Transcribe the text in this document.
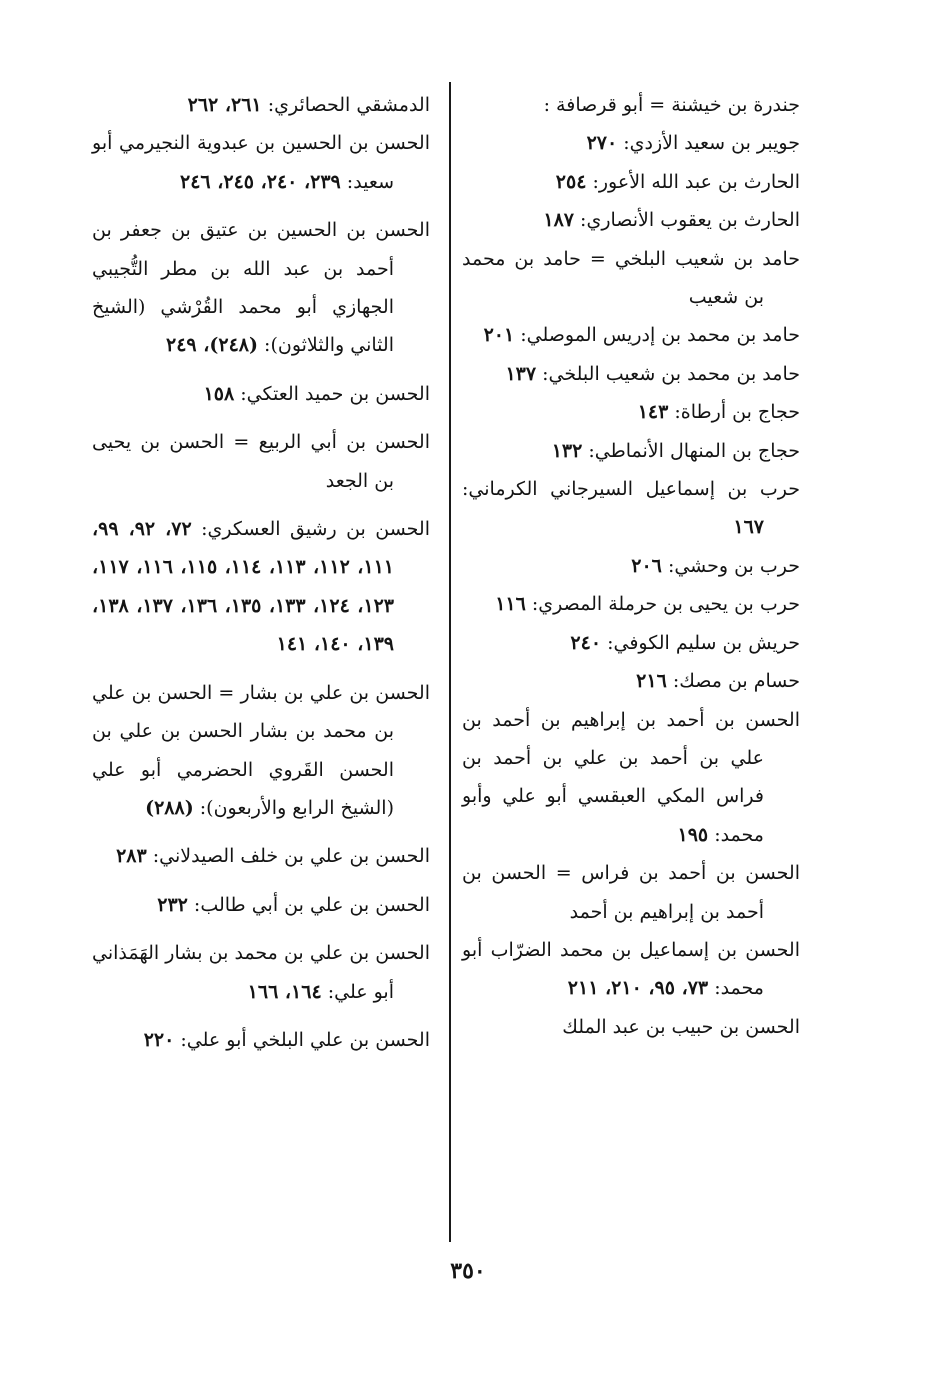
جندرة بن خيشنة = أبو قرصافة :

جويبر بن سعيد الأزدي: ٢٧٠

الحارث بن عبد الله الأعور: ٢٥٤

الحارث بن يعقوب الأنصاري: ١٨٧

حامد بن شعيب البلخي = حامد بن محمد بن شعيب

حامد بن محمد بن إدريس الموصلي: ٢٠١

حامد بن محمد بن شعيب البلخي: ١٣٧

حجاج بن أرطاة: ١٤٣

حجاج بن المنهال الأنماطي: ١٣٢

حرب بن إسماعيل السيرجاني الكرماني: ١٦٧

حرب بن وحشي: ٢٠٦

حرب بن يحيى بن حرملة المصري: ١١٦

حريش بن سليم الكوفي: ٢٤٠

حسام بن مصك: ٢١٦

الحسن بن أحمد بن إبراهيم بن أحمد بن علي بن أحمد بن علي بن أحمد بن فراس المكي العبقسي أبو علي وأبو محمد: ١٩٥

الحسن بن أحمد بن فراس = الحسن بن أحمد بن إبراهيم بن أحمد

الحسن بن إسماعيل بن محمد الضرّاب أبو محمد: ٧٣، ٩٥، ٢١٠، ٢١١

الحسن بن حبيب بن عبد الملك

الدمشقي الحصائري: ٢٦١، ٢٦٢

الحسن بن الحسين بن عبدوية النجيرمي أبو سعيد: ٢٣٩، ٢٤٠، ٢٤٥، ٢٤٦

الحسن بن الحسين بن عتيق بن جعفر بن أحمد بن عبد الله بن مطر التُّجيبي الجهازي أبو محمد القُرْشي (الشيخ الثاني والثلاثون): (٢٤٨)، ٢٤٩

الحسن بن حميد العتكي: ١٥٨

الحسن بن أبي الربيع = الحسن بن يحيى بن الجعد

الحسن بن رشيق العسكري: ٧٢، ٩٢، ٩٩، ١١١، ١١٢، ١١٣، ١١٤، ١١٥، ١١٦، ١١٧، ١٢٣، ١٢٤، ١٣٣، ١٣٥، ١٣٦، ١٣٧، ١٣٨، ١٣٩، ١٤٠، ١٤١

الحسن بن علي بن بشار = الحسن بن علي بن محمد بن بشار الحسن بن علي بن الحسن القَروي الحضرمي أبو علي (الشيخ الرابع والأربعون): (٢٨٨)

الحسن بن علي بن خلف الصيدلاني: ٢٨٣

الحسن بن علي بن أبي طالب: ٢٣٢

الحسن بن علي بن محمد بن بشار الهَمَذاني أبو علي: ١٦٤، ١٦٦

الحسن بن علي البلخي أبو علي: ٢٢٠

٣٥٠
